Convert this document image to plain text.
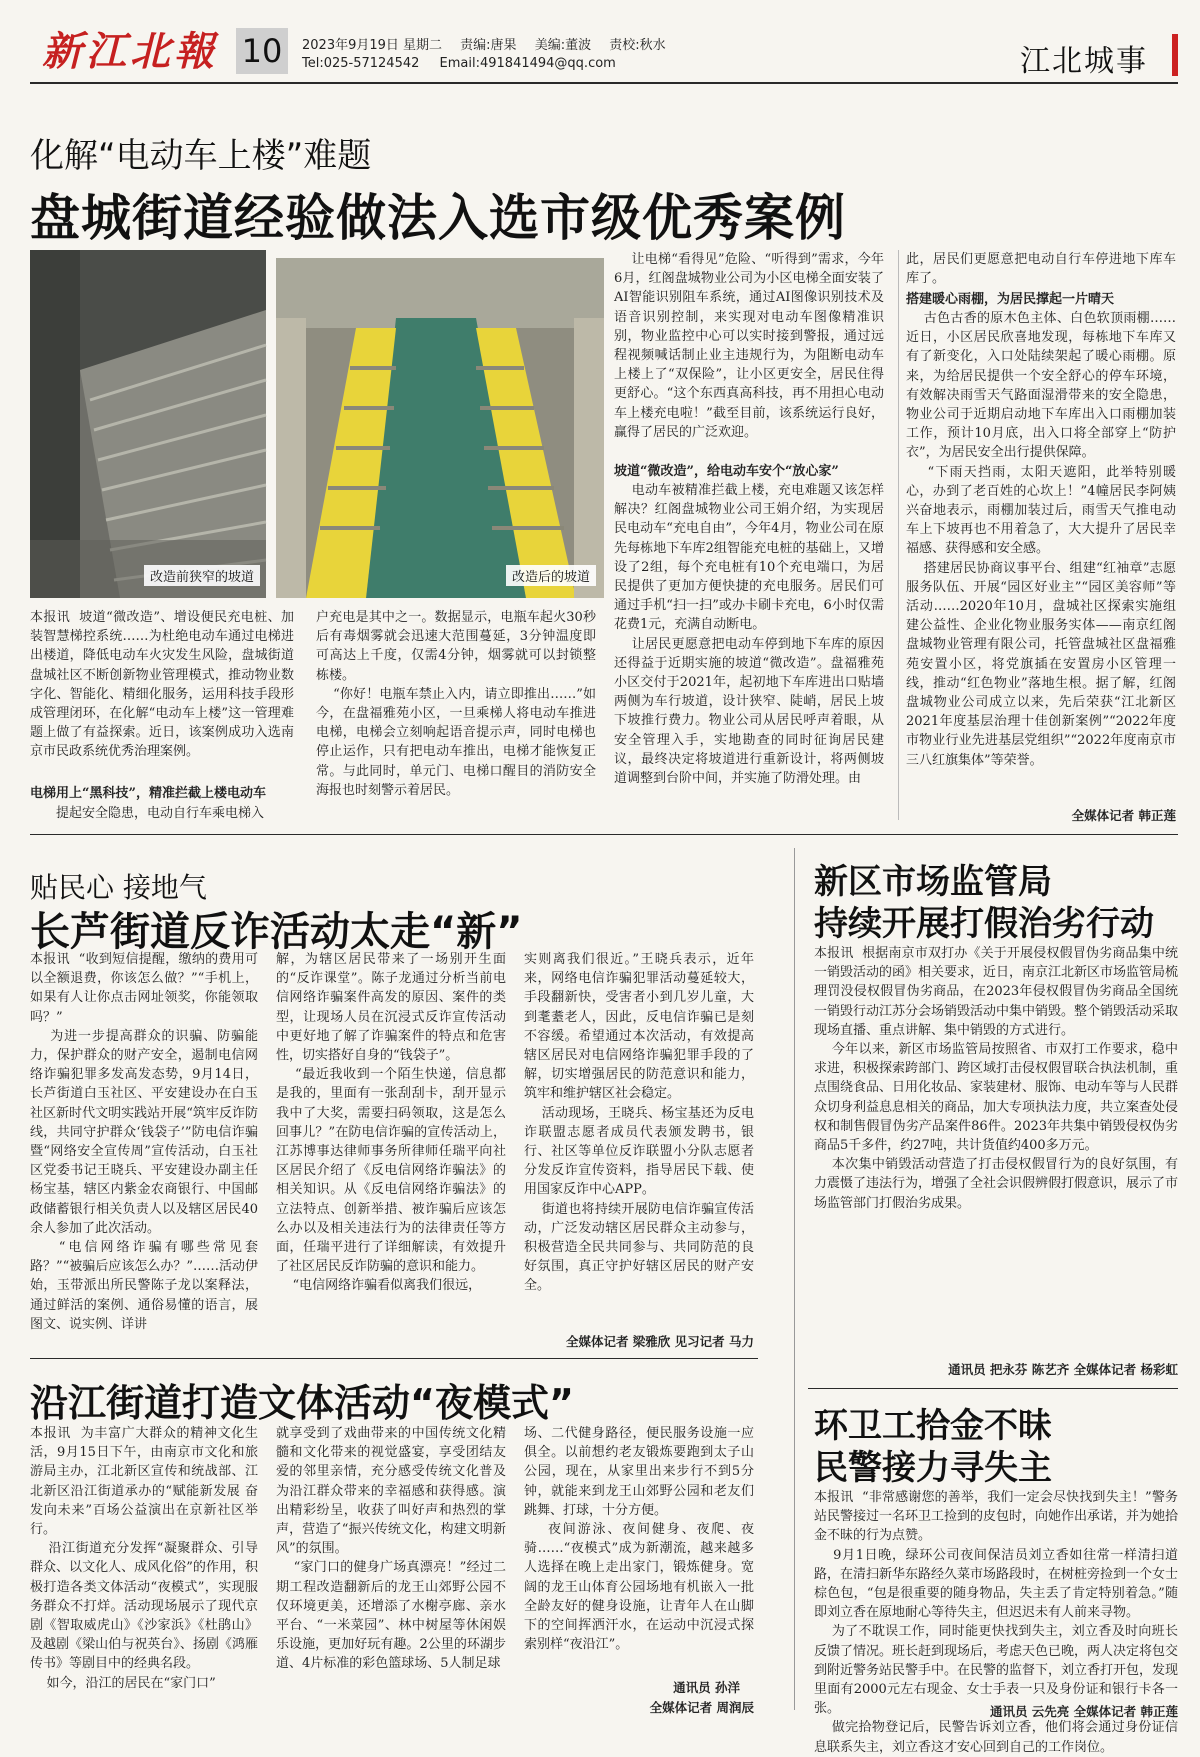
新江北報 10	2023年9月19日 星期二 责编:唐果 美编:董波 责校:秋水
Tel:025-57124542 Email:491841494@qq.com	江北城事
化解“电动车上楼”难题
盘城街道经验做法入选市级优秀案例
改造前狭窄的坡道	改造后的坡道
本报讯  坡道“微改造”、增设便民充电桩、加装智慧梯控系统……为杜绝电动车通过电梯进出楼道，降低电动车火灾发生风险，盘城街道盘城社区不断创新物业管理模式，推动物业数字化、智能化、精细化服务，运用科技手段形成管理闭环，在化解“电动车上楼”这一管理难题上做了有益探索。近日，该案例成功入选南京市民政系统优秀治理案例。
电梯用上“黑科技”，精准拦截上楼电动车
提起安全隐患，电动自行车乘电梯入
户充电是其中之一。数据显示，电瓶车起火30秒后有毒烟雾就会迅速大范围蔓延，3分钟温度即可高达上千度，仅需4分钟，烟雾就可以封锁整栋楼。
“你好！电瓶车禁止入内，请立即推出……”如今，在盘福雅苑小区，一旦乘梯人将电动车推进电梯，电梯会立刻响起语音提示声，同时电梯也停止运作，只有把电动车推出，电梯才能恢复正常。与此同时，单元门、电梯口醒目的消防安全海报也时刻警示着居民。
让电梯“看得见”危险、“听得到”需求，今年6月，红阁盘城物业公司为小区电梯全面安装了AI智能识别阻车系统，通过AI图像识别技术及语音识别控制，来实现对电动车图像精准识别，物业监控中心可以实时接到警报，通过远程视频喊话制止业主违规行为，为阻断电动车上楼上了“双保险”，让小区更安全，居民住得更舒心。“这个东西真高科技，再不用担心电动车上楼充电啦！”截至目前，该系统运行良好，赢得了居民的广泛欢迎。
坡道“微改造”，给电动车安个“放心家”
电动车被精准拦截上楼，充电难题又该怎样解决？红阁盘城物业公司王娟介绍，为实现居民电动车“充电自由”，今年4月，物业公司在原先每栋地下车库2组智能充电桩的基础上，又增设了2组，每个充电桩有10个充电端口，为居民提供了更加方便快捷的充电服务。居民们可通过手机“扫一扫”或办卡刷卡充电，6小时仅需花费1元，充满自动断电。
让居民更愿意把电动车停到地下车库的原因还得益于近期实施的坡道“微改造”。盘福雅苑小区交付于2021年，起初地下车库进出口贴墙两侧为车行坡道，设计狭窄、陡峭，居民上坡下坡推行费力。物业公司从居民呼声着眼，从安全管理入手，实地勘查的同时征询居民建议，最终决定将坡道进行重新设计，将两侧坡道调整到台阶中间，并实施了防滑处理。由
此，居民们更愿意把电动自行车停进地下库车库了。
搭建暖心雨棚，为居民撑起一片晴天
古色古香的原木色主体、白色软顶雨棚……近日，小区居民欣喜地发现，每栋地下车库又有了新变化，入口处陆续架起了暖心雨棚。原来，为给居民提供一个安全舒心的停车环境，有效解决雨雪天气路面湿滑带来的安全隐患，物业公司于近期启动地下车库出入口雨棚加装工作，预计10月底，出入口将全部穿上“防护衣”，为居民安全出行提供保障。
“下雨天挡雨，太阳天遮阳，此举特别暖心，办到了老百姓的心坎上！”4幢居民李阿姨兴奋地表示，雨棚加装过后，雨雪天气推电动车上下坡再也不用着急了，大大提升了居民幸福感、获得感和安全感。
搭建居民协商议事平台、组建“红袖章”志愿服务队伍、开展“园区好业主”“园区美容师”等活动……2020年10月，盘城社区探索实施组建公益性、企业化物业服务实体——南京红阁盘城物业管理有限公司，托管盘城社区盘福雅苑安置小区，将党旗插在安置房小区管理一线，推动“红色物业”落地生根。据了解，红阁盘城物业公司成立以来，先后荣获“江北新区2021年度基层治理十佳创新案例”“2022年度市物业行业先进基层党组织”“2022年度南京市三八红旗集体”等荣誉。
全媒体记者 韩正莲
贴民心 接地气
长芦街道反诈活动太走“新”
本报讯  “收到短信提醒，缴纳的费用可以全额退费，你该怎么做？”“手机上，如果有人让你点击网址领奖，你能领取吗？”
为进一步提高群众的识骗、防骗能力，保护群众的财产安全，遏制电信网络诈骗犯罪多发高发态势，9月14日，长芦街道白玉社区、平安建设办在白玉社区新时代文明实践站开展“筑牢反诈防线，共同守护群众‘钱袋子’”防电信诈骗暨“网络安全宣传周”宣传活动，白玉社区党委书记王晓兵、平安建设办副主任杨宝基，辖区内紫金农商银行、中国邮政储蓄银行相关负责人以及辖区居民40余人参加了此次活动。
“电信网络诈骗有哪些常见套路？”“被骗后应该怎么办？”……活动伊始，玉带派出所民警陈子龙以案释法，通过鲜活的案例、通俗易懂的语言，展图文、说实例、详讲
解，为辖区居民带来了一场别开生面的“反诈课堂”。陈子龙通过分析当前电信网络诈骗案件高发的原因、案件的类型，让现场人员在沉浸式反诈宣传活动中更好地了解了诈骗案件的特点和危害性，切实搭好自身的“钱袋子”。
“最近我收到一个陌生快递，信息都是我的，里面有一张刮刮卡，刮开显示我中了大奖，需要扫码领取，这是怎么回事儿？”在防电信诈骗的宣传活动上，江苏博事达律师事务所律师任瑞平向社区居民介绍了《反电信网络诈骗法》的相关知识。从《反电信网络诈骗法》的立法特点、创新举措、被诈骗后应该怎么办以及相关违法行为的法律责任等方面，任瑞平进行了详细解读，有效提升了社区居民反诈防骗的意识和能力。
“电信网络诈骗看似离我们很远，
实则离我们很近。”王晓兵表示，近年来，网络电信诈骗犯罪活动蔓延较大，手段翻新快，受害者小到几岁儿童，大到耄耋老人，因此，反电信诈骗已是刻不容缓。希望通过本次活动，有效提高辖区居民对电信网络诈骗犯罪手段的了解，切实增强居民的防范意识和能力，筑牢和维护辖区社会稳定。
活动现场，王晓兵、杨宝基还为反电诈联盟志愿者成员代表颁发聘书，银行、社区等单位反诈联盟小分队志愿者分发反诈宣传资料，指导居民下载、使用国家反诈中心APP。
街道也将持续开展防电信诈骗宣传活动，广泛发动辖区居民群众主动参与，积极营造全民共同参与、共同防范的良好氛围，真正守护好辖区居民的财产安全。
全媒体记者 梁雅欣 见习记者 马力
沿江街道打造文体活动“夜模式”
本报讯  为丰富广大群众的精神文化生活，9月15日下午，由南京市文化和旅游局主办，江北新区宣传和统战部、江北新区沿江街道承办的“赋能新发展 奋发向未来”百场公益演出在京新社区举行。
沿江街道充分发挥“凝聚群众、引导群众、以文化人、成风化俗”的作用，积极打造各类文体活动“夜模式”，实现服务群众不打烊。活动现场展示了现代京剧《智取威虎山》《沙家浜》《杜鹃山》及越剧《梁山伯与祝英台》、扬剧《鸿雁传书》等剧目中的经典名段。
如今，沿江的居民在“家门口”
就享受到了戏曲带来的中国传统文化精髓和文化带来的视觉盛宴，享受团结友爱的邻里亲情，充分感受传统文化普及为沿江群众带来的幸福感和获得感。演出精彩纷呈，收获了叫好声和热烈的掌声，营造了“振兴传统文化，构建文明新风”的氛围。
“家门口的健身广场真漂亮！”经过二期工程改造翻新后的龙王山郊野公园不仅环境更美，还增添了水榭亭廊、亲水平台、“一米菜园”、林中树屋等休闲娱乐设施，更加好玩有趣。2公里的环湖步道、4片标准的彩色篮球场、5人制足球
场、二代健身路径，便民服务设施一应俱全。以前想约老友锻炼要跑到太子山公园，现在，从家里出来步行不到5分钟，就能来到龙王山郊野公园和老友们跳舞、打球，十分方便。
夜间游泳、夜间健身、夜爬、夜骑……“夜模式”成为新潮流，越来越多人选择在晚上走出家门，锻炼健身。宽阔的龙王山体育公园场地有机嵌入一批全龄友好的健身设施，让青年人在山脚下的空间挥洒汗水，在运动中沉浸式探索别样“夜沿江”。
通讯员 孙洋
全媒体记者 周润辰
新区市场监管局
持续开展打假治劣行动
本报讯  根据南京市双打办《关于开展侵权假冒伪劣商品集中统一销毁活动的函》相关要求，近日，南京江北新区市场监管局梳理罚没侵权假冒伪劣商品，在2023年侵权假冒伪劣商品全国统一销毁行动江苏分会场销毁活动中集中销毁。整个销毁活动采取现场直播、重点讲解、集中销毁的方式进行。
今年以来，新区市场监管局按照省、市双打工作要求，稳中求进，积极探索跨部门、跨区域打击侵权假冒联合执法机制，重点围绕食品、日用化妆品、家装建材、服饰、电动车等与人民群众切身利益息息相关的商品，加大专项执法力度，共立案查处侵权和制售假冒伪劣产品案件86件。2023年共集中销毁侵权伪劣商品5千多件，约27吨，共计货值约400多万元。
本次集中销毁活动营造了打击侵权假冒行为的良好氛围，有力震慑了违法行为，增强了全社会识假辨假打假意识，展示了市场监管部门打假治劣成果。
通讯员 把永芬 陈艺齐 全媒体记者 杨彩虹
环卫工拾金不昧
民警接力寻失主
本报讯  “非常感谢您的善举，我们一定会尽快找到失主！”警务站民警接过一名环卫工捡到的皮包时，向她作出承诺，并为她拾金不昧的行为点赞。
9月1日晚，绿环公司夜间保洁员刘立香如往常一样清扫道路，在清扫新华东路经久菜市场路段时，在树桩旁捡到一个女士棕色包，“包是很重要的随身物品，失主丢了肯定特别着急。”随即刘立香在原地耐心等待失主，但迟迟未有人前来寻物。
为了不耽误工作，同时能更快找到失主，刘立香及时向班长反馈了情况。班长赶到现场后，考虑天色已晚，两人决定将包交到附近警务站民警手中。在民警的监督下，刘立香打开包，发现里面有2000元左右现金、女士手表一只及身份证和银行卡各一张。
做完拾物登记后，民警告诉刘立香，他们将会通过身份证信息联系失主，刘立香这才安心回到自己的工作岗位。
通讯员 云先亮 全媒体记者 韩正莲
